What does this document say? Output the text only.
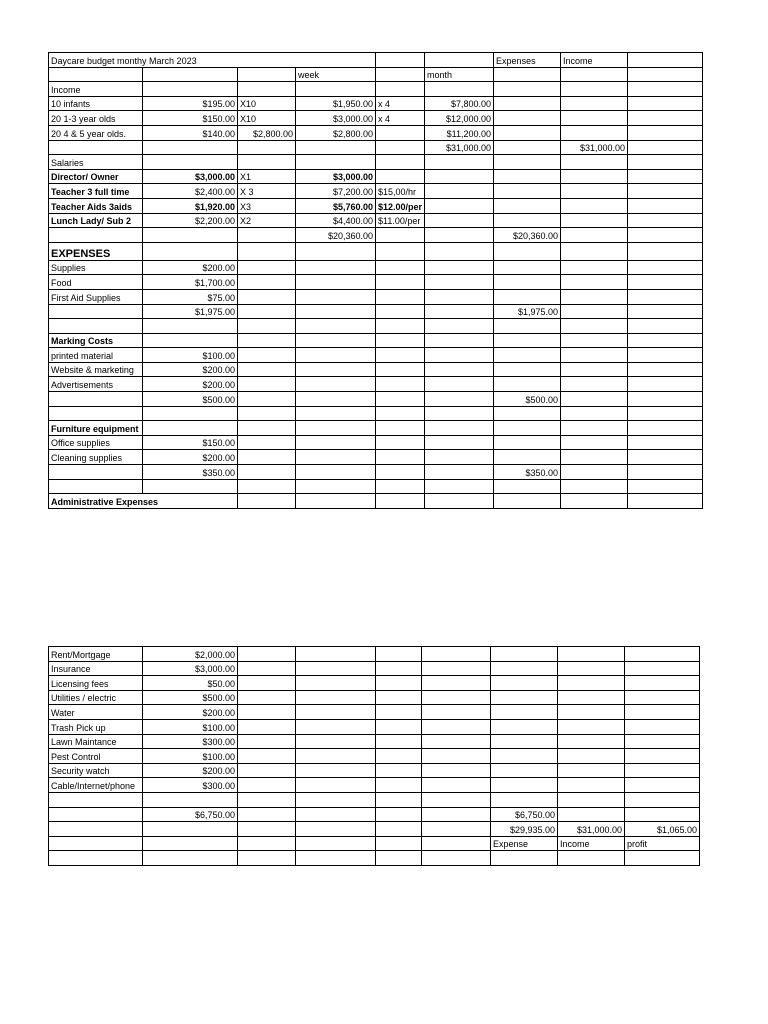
Daycare budget monthy March 2023						Expenses	Income	
			week		month			
Income								
10 infants	$195.00	X10	$1,950.00	x 4	$7,800.00			
20 1-3 year olds	$150.00	X10	$3,000.00	x 4	$12,000.00			
20 4 & 5 year olds.	$140.00	$2,800.00	$2,800.00		$11,200.00			
					$31,000.00		$31,000.00	
Salaries								
Director/ Owner	$3,000.00	X1	$3,000.00					
Teacher 3 full time	$2,400.00	X 3	$7,200.00	$15,00/hr				
Teacher Aids 3aids	$1,920.00	X3	$5,760.00	$12.00/per				
Lunch Lady/ Sub 2	$2,200.00	X2	$4,400.00	$11.00/per				
			$20,360.00			$20,360.00		
EXPENSES								
Supplies	$200.00							
Food	$1,700.00							
First Aid Supplies	$75.00							
	$1,975.00					$1,975.00		

Marking Costs								
printed material	$100.00							
Website & marketing	$200.00							
Advertisements	$200.00							
	$500.00					$500.00		

Furniture equipment								
Office supplies	$150.00							
Cleaning supplies	$200.00							
	$350.00					$350.00		

Administrative Expenses								
Rent/Mortgage	$2,000.00							
Insurance	$3,000.00							
Licensing fees	$50.00							
Utilities / electric	$500.00							
Water	$200.00							
Trash Pick up	$100.00							
Lawn Maintance	$300.00							
Pest Control	$100.00							
Security watch	$200.00							
Cable/Internet/phone	$300.00							

	$6,750.00					$6,750.00		
						$29,935.00	$31,000.00	$1,065.00
						Expense	Income	profit
